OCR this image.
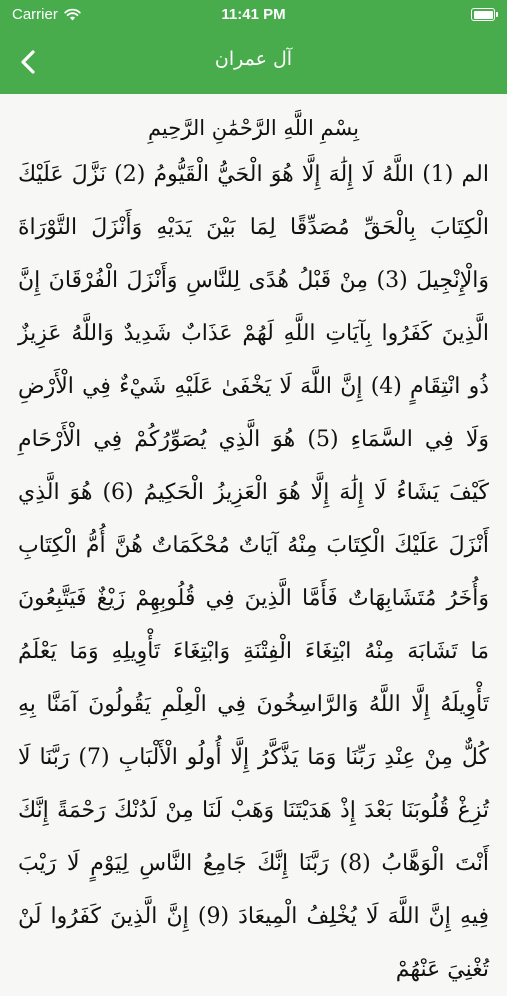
Carrier	11:41 PM
آل عمران
بِسْمِ اللَّهِ الرَّحْمَٰنِ الرَّحِيمِ
الم (1) اللَّهُ لَا إِلَٰهَ إِلَّا هُوَ الْحَيُّ الْقَيُّومُ (2) نَزَّلَ عَلَيْكَ الْكِتَابَ بِالْحَقِّ مُصَدِّقًا لِمَا بَيْنَ يَدَيْهِ وَأَنْزَلَ التَّوْرَاةَ وَالْإِنْجِيلَ (3) مِنْ قَبْلُ هُدًى لِلنَّاسِ وَأَنْزَلَ الْفُرْقَانَ إِنَّ الَّذِينَ كَفَرُوا بِآيَاتِ اللَّهِ لَهُمْ عَذَابٌ شَدِيدٌ وَاللَّهُ عَزِيزٌ ذُو انْتِقَامٍ (4) إِنَّ اللَّهَ لَا يَخْفَىٰ عَلَيْهِ شَيْءٌ فِي الْأَرْضِ وَلَا فِي السَّمَاءِ (5) هُوَ الَّذِي يُصَوِّرُكُمْ فِي الْأَرْحَامِ كَيْفَ يَشَاءُ لَا إِلَٰهَ إِلَّا هُوَ الْعَزِيزُ الْحَكِيمُ (6) هُوَ الَّذِي أَنْزَلَ عَلَيْكَ الْكِتَابَ مِنْهُ آيَاتٌ مُحْكَمَاتٌ هُنَّ أُمُّ الْكِتَابِ وَأُخَرُ مُتَشَابِهَاتٌ فَأَمَّا الَّذِينَ فِي قُلُوبِهِمْ زَيْغٌ فَيَتَّبِعُونَ مَا تَشَابَهَ مِنْهُ ابْتِغَاءَ الْفِتْنَةِ وَابْتِغَاءَ تَأْوِيلِهِ وَمَا يَعْلَمُ تَأْوِيلَهُ إِلَّا اللَّهُ وَالرَّاسِخُونَ فِي الْعِلْمِ يَقُولُونَ آمَنَّا بِهِ كُلٌّ مِنْ عِنْدِ رَبِّنَا وَمَا يَذَّكَّرُ إِلَّا أُولُو الْأَلْبَابِ (7) رَبَّنَا لَا تُزِغْ قُلُوبَنَا بَعْدَ إِذْ هَدَيْتَنَا وَهَبْ لَنَا مِنْ لَدُنْكَ رَحْمَةً إِنَّكَ أَنْتَ الْوَهَّابُ (8) رَبَّنَا إِنَّكَ جَامِعُ النَّاسِ لِيَوْمٍ لَا رَيْبَ فِيهِ إِنَّ اللَّهَ لَا يُخْلِفُ الْمِيعَادَ (9) إِنَّ الَّذِينَ كَفَرُوا لَنْ تُغْنِيَ عَنْهُمْ
